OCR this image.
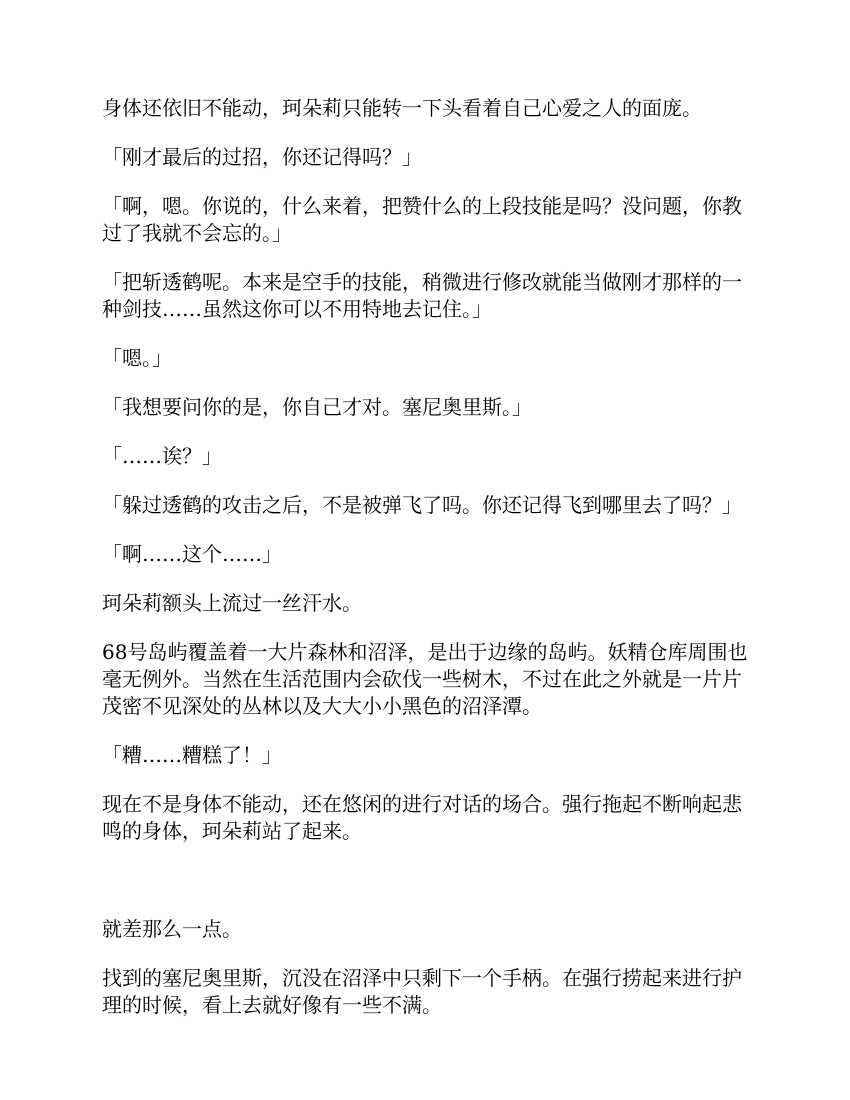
身体还依旧不能动，珂朵莉只能转一下头看着自己心爱之人的面庞。

「刚才最后的过招，你还记得吗？」

「啊，嗯。你说的，什么来着，把赞什么的上段技能是吗？没问题，你教过了我就不会忘的。」

「把斩透鹤呢。本来是空手的技能，稍微进行修改就能当做刚才那样的一种剑技……虽然这你可以不用特地去记住。」

「嗯。」

「我想要问你的是，你自己才对。塞尼奥里斯。」

「……诶？」

「躲过透鹤的攻击之后，不是被弹飞了吗。你还记得飞到哪里去了吗？」

「啊……这个……」

珂朵莉额头上流过一丝汗水。

68号岛屿覆盖着一大片森林和沼泽，是出于边缘的岛屿。妖精仓库周围也毫无例外。当然在生活范围内会砍伐一些树木，不过在此之外就是一片片茂密不见深处的丛林以及大大小小黑色的沼泽潭。

「糟……糟糕了！」

现在不是身体不能动，还在悠闲的进行对话的场合。强行拖起不断响起悲鸣的身体，珂朵莉站了起来。

就差那么一点。

找到的塞尼奥里斯，沉没在沼泽中只剩下一个手柄。在强行捞起来进行护理的时候，看上去就好像有一些不满。
